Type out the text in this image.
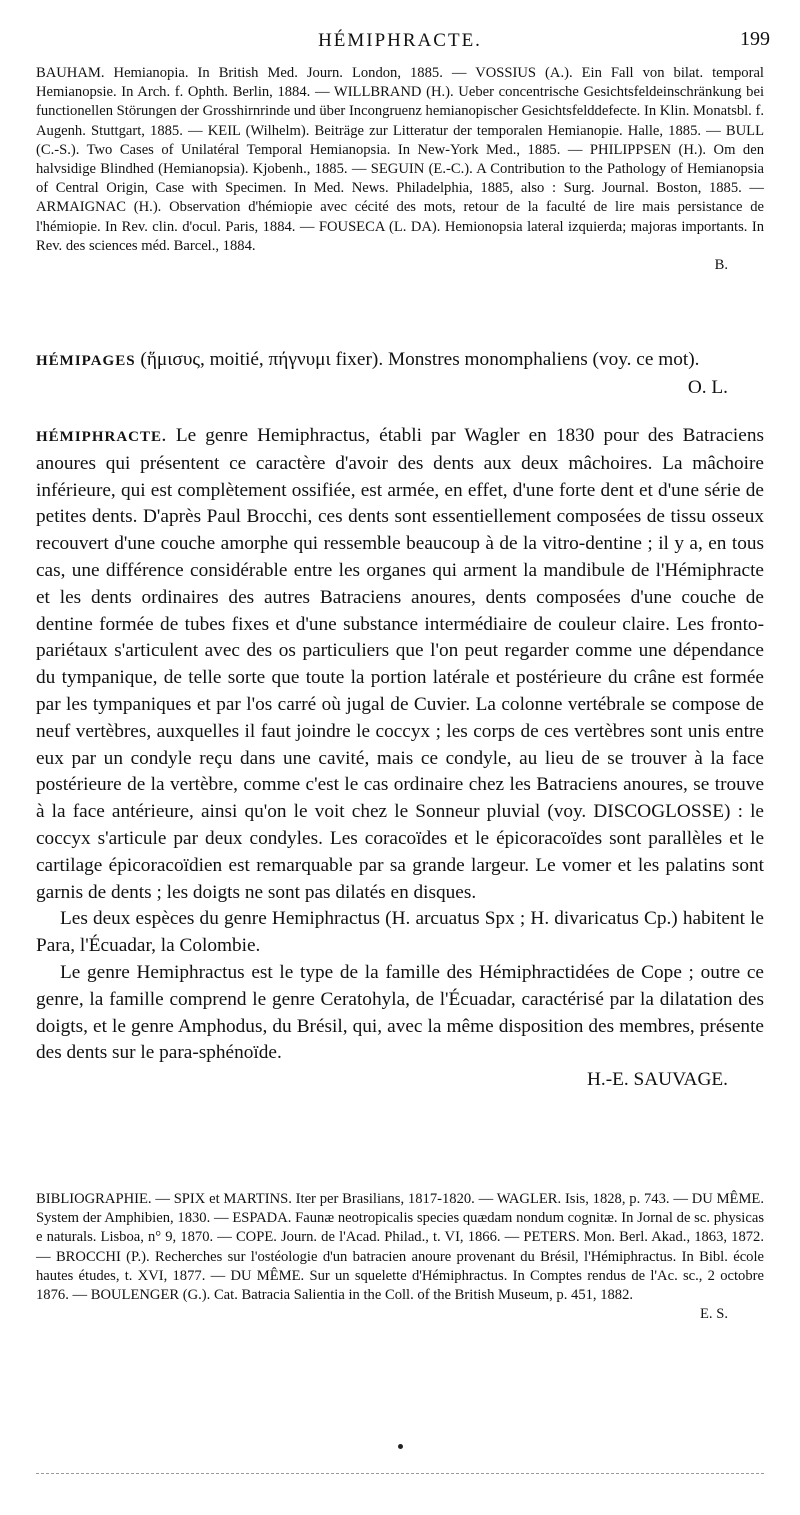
HÉMIPHRACTE.	199
BAUHAM. Hemianopia. In British Med. Journ. London, 1885. — VOSSIUS (A.). Ein Fall von bilat. temporal Hemianopsie. In Arch. f. Ophth. Berlin, 1884. — WILLBRAND (H.). Ueber concentrische Gesichtsfeldeinschränkung bei functionellen Störungen der Grosshirnrinde und über Incongruenz hemianopischer Gesichtsfelddefecte. In Klin. Monatsbl. f. Augenh. Stuttgart, 1885. — KEIL (Wilhelm). Beiträge zur Litteratur der temporalen Hemianopie. Halle, 1885. — BULL (C.-S.). Two Cases of Unilatéral Temporal Hemianopsia. In New-York Med., 1885. — PHILIPPSEN (H.). Om den halvsidige Blindhed (Hemianopsia). Kjobenh., 1885. — SEGUIN (E.-C.). A Contribution to the Pathology of Hemianopsia of Central Origin, Case with Specimen. In Med. News. Philadelphia, 1885, also : Surg. Journal. Boston, 1885. — ARMAIGNAC (H.). Observation d'hémiopie avec cécité des mots, retour de la faculté de lire mais persistance de l'hémiopie. In Rev. clin. d'ocul. Paris, 1884. — FOUSECA (L. DA). Hemionopsia lateral izquierda; majoras importants. In Rev. des sciences méd. Barcel., 1884.
B.
HÉMIPAGES (ἥμισυς, moitié, πήγνυμι fixer). Monstres monomphaliens (voy. ce mot).
O. L.

HÉMIPHRACTE. Le genre Hemiphractus, établi par Wagler en 1830 pour des Batraciens anoures qui présentent ce caractère d'avoir des dents aux deux mâchoires. La mâchoire inférieure, qui est complètement ossifiée, est armée, en effet, d'une forte dent et d'une série de petites dents. D'après Paul Brocchi, ces dents sont essentiellement composées de tissu osseux recouvert d'une couche amorphe qui ressemble beaucoup à de la vitro-dentine ; il y a, en tous cas, une différence considérable entre les organes qui arment la mandibule de l'Hémiphracte et les dents ordinaires des autres Batraciens anoures, dents composées d'une couche de dentine formée de tubes fixes et d'une substance intermédiaire de couleur claire. Les fronto-pariétaux s'articulent avec des os particuliers que l'on peut regarder comme une dépendance du tympanique, de telle sorte que toute la portion latérale et postérieure du crâne est formée par les tympaniques et par l'os carré où jugal de Cuvier. La colonne vertébrale se compose de neuf vertèbres, auxquelles il faut joindre le coccyx ; les corps de ces vertèbres sont unis entre eux par un condyle reçu dans une cavité, mais ce condyle, au lieu de se trouver à la face postérieure de la vertèbre, comme c'est le cas ordinaire chez les Batraciens anoures, se trouve à la face antérieure, ainsi qu'on le voit chez le Sonneur pluvial (voy. DISCOGLOSSE) : le coccyx s'articule par deux condyles. Les coracoïdes et le épicoracoïdes sont parallèles et le cartilage épicoracoïdien est remarquable par sa grande largeur. Le vomer et les palatins sont garnis de dents ; les doigts ne sont pas dilatés en disques.

Les deux espèces du genre Hemiphractus (H. arcuatus Spx ; H. divaricatus Cp.) habitent le Para, l'Écuadar, la Colombie.

Le genre Hemiphractus est le type de la famille des Hémiphractidées de Cope ; outre ce genre, la famille comprend le genre Ceratohyla, de l'Écuadar, caractérisé par la dilatation des doigts, et le genre Amphodus, du Brésil, qui, avec la même disposition des membres, présente des dents sur le para-sphénoïde.

H.-E. SAUVAGE.
BIBLIOGRAPHIE. — SPIX et MARTINS. Iter per Brasilians, 1817-1820. — WAGLER. Isis, 1828, p. 743. — DU MÊME. System der Amphibien, 1830. — ESPADA. Faunæ neotropicalis species quædam nondum cognitæ. In Jornal de sc. physicas e naturals. Lisboa, n° 9, 1870. — COPE. Journ. de l'Acad. Philad., t. VI, 1866. — PETERS. Mon. Berl. Akad., 1863, 1872. — BROCCHI (P.). Recherches sur l'ostéologie d'un batracien anoure provenant du Brésil, l'Hémiphractus. In Bibl. école hautes études, t. XVI, 1877. — DU MÊME. Sur un squelette d'Hémiphractus. In Comptes rendus de l'Ac. sc., 2 octobre 1876. — BOULENGER (G.). Cat. Batracia Salientia in the Coll. of the British Museum, p. 451, 1882.
E. S.
